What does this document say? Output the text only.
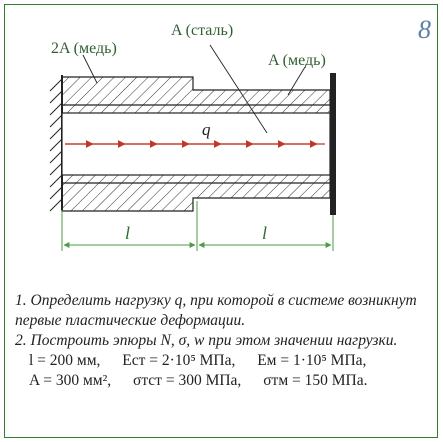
8
q
2A (медь)
A (сталь)
A (медь)
l	l

1. Определить нагрузку q, при которой в системе возникнут первые пластические деформации.

2. Построить эпюры N, σ, w при этом значении нагрузки.

l = 200 мм, Eст = 2·10⁵ МПа, Eм = 1·10⁵ МПа,

A = 300 мм², σтст = 300 МПа, σтм = 150 МПа.
